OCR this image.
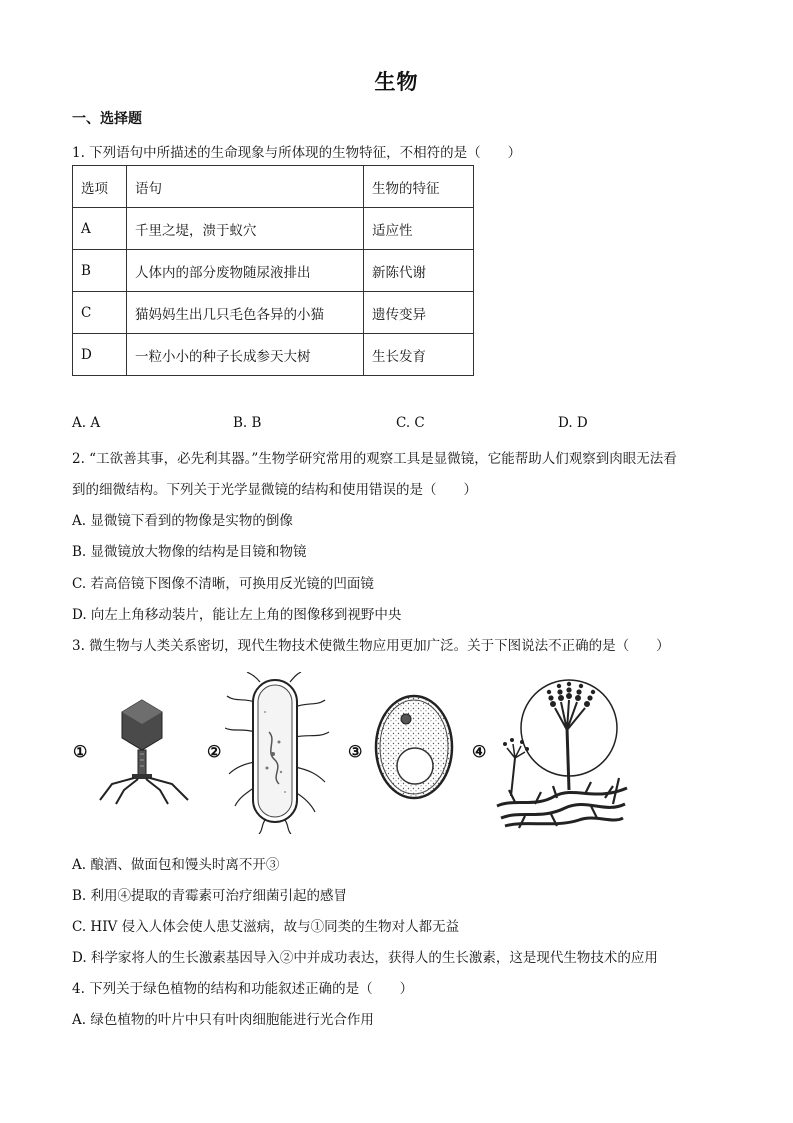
生物
一、选择题
1. 下列语句中所描述的生命现象与所体现的生物特征，不相符的是（　　）
选项	语句	生物的特征
A	千里之堤，溃于蚁穴	适应性
B	人体内的部分废物随尿液排出	新陈代谢
C	猫妈妈生出几只毛色各异的小猫	遗传变异
D	一粒小小的种子长成参天大树	生长发育
A. A	B. B	C. C	D. D
2. “工欲善其事，必先利其器。”生物学研究常用的观察工具是显微镜，它能帮助人们观察到肉眼无法看
到的细微结构。下列关于光学显微镜的结构和使用错误的是（　　）
A. 显微镜下看到的物像是实物的倒像
B. 显微镜放大物像的结构是目镜和物镜
C. 若高倍镜下图像不清晰，可换用反光镜的凹面镜
D. 向左上角移动装片，能让左上角的图像移到视野中央
3. 微生物与人类关系密切，现代生物技术使微生物应用更加广泛。关于下图说法不正确的是（　　）
①	②	③	④
A. 酿酒、做面包和馒头时离不开③
B. 利用④提取的青霉素可治疗细菌引起的感冒
C. HIV 侵入人体会使人患艾滋病，故与①同类的生物对人都无益
D. 科学家将人的生长激素基因导入②中并成功表达，获得人的生长激素，这是现代生物技术的应用
4. 下列关于绿色植物的结构和功能叙述正确的是（　　）
A. 绿色植物的叶片中只有叶肉细胞能进行光合作用
